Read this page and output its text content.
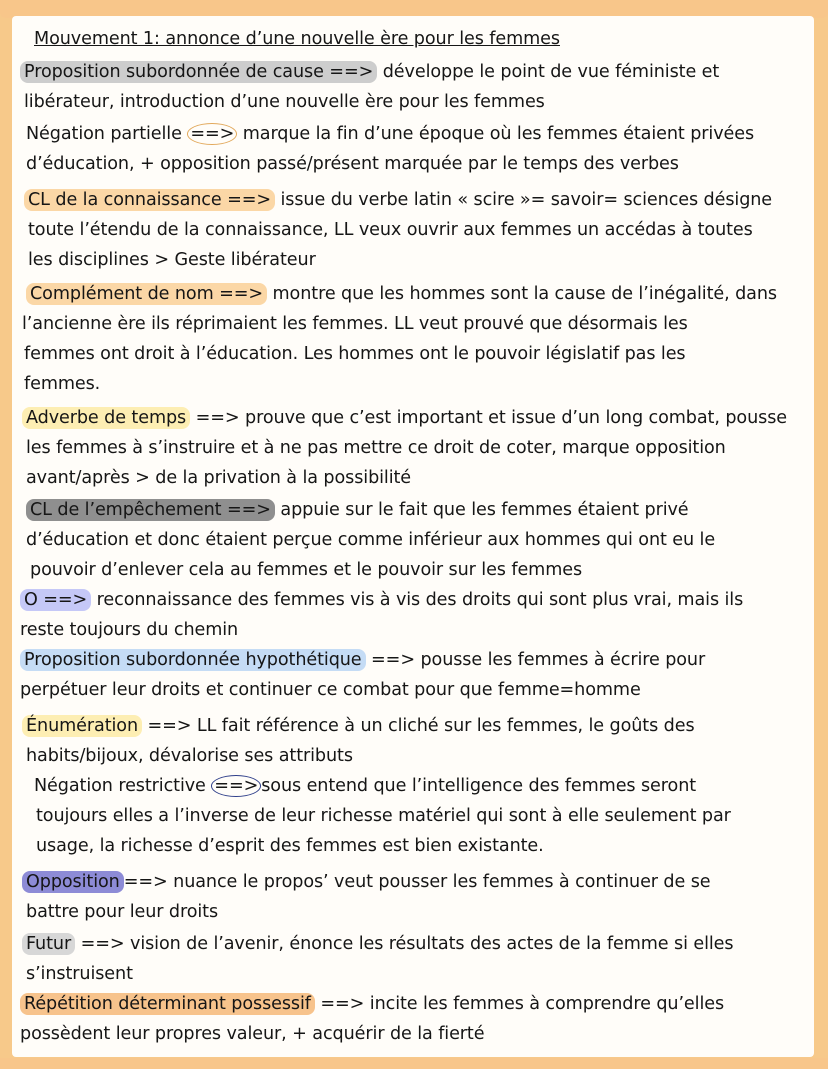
Mouvement 1: annonce d’une nouvelle ère pour les femmes
Proposition subordonnée de cause ==> développe le point de vue féministe et
libérateur, introduction d’une nouvelle ère pour les femmes
Négation partielle ==> marque la fin d’une époque où les femmes étaient privées
d’éducation, + opposition passé/présent marquée par le temps des verbes
CL de la connaissance ==> issue du verbe latin « scire »= savoir= sciences désigne
toute l’étendu de la connaissance, LL veux ouvrir aux femmes un accédas à toutes
les disciplines > Geste libérateur
Complément de nom ==> montre que les hommes sont la cause de l’inégalité, dans
l’ancienne ère ils réprimaient les femmes. LL veut prouvé que désormais les
femmes ont droit à l’éducation. Les hommes ont le pouvoir législatif pas les
femmes.
Adverbe de temps ==> prouve que c’est important et issue d’un long combat, pousse
les femmes à s’instruire et à ne pas mettre ce droit de coter, marque opposition
avant/après > de la privation à la possibilité
CL de l’empêchement ==> appuie sur le fait que les femmes étaient privé
d’éducation et donc étaient perçue comme inférieur aux hommes qui ont eu le
pouvoir d’enlever cela au femmes et le pouvoir sur les femmes
O ==> reconnaissance des femmes vis à vis des droits qui sont plus vrai, mais ils
reste toujours du chemin
Proposition subordonnée hypothétique ==> pousse les femmes à écrire pour
perpétuer leur droits et continuer ce combat pour que femme=homme
Énumération ==> LL fait référence à un cliché sur les femmes, le goûts des
habits/bijoux, dévalorise ses attributs
Négation restrictive ==> sous entend que l’intelligence des femmes seront
toujours elles a l’inverse de leur richesse matériel qui sont à elle seulement par
usage, la richesse d’esprit des femmes est bien existante.
Opposition ==> nuance le propos’ veut pousser les femmes à continuer de se
battre pour leur droits
Futur ==> vision de l’avenir, énonce les résultats des actes de la femme si elles
s’instruisent
Répétition déterminant possessif ==> incite les femmes à comprendre qu’elles
possèdent leur propres valeur, + acquérir de la fierté
